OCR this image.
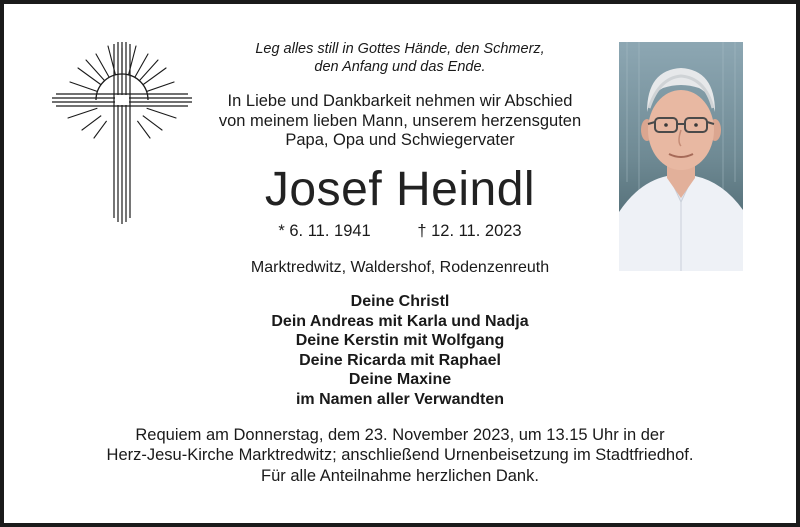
Leg alles still in Gottes Hände, den Schmerz,
den Anfang und das Ende.
In Liebe und Dankbarkeit nehmen wir Abschied
von meinem lieben Mann, unserem herzensguten
Papa, Opa und Schwiegervater
Josef Heindl
* 6. 11. 1941	† 12. 11. 2023
Marktredwitz, Waldershof, Rodenzenreuth
Deine Christl
Dein Andreas mit Karla und Nadja
Deine Kerstin mit Wolfgang
Deine Ricarda mit Raphael
Deine Maxine
im Namen aller Verwandten
Requiem am Donnerstag, dem 23. November 2023, um 13.15 Uhr in der
Herz-Jesu-Kirche Marktredwitz; anschließend Urnenbeisetzung im Stadtfriedhof.
Für alle Anteilnahme herzlichen Dank.
